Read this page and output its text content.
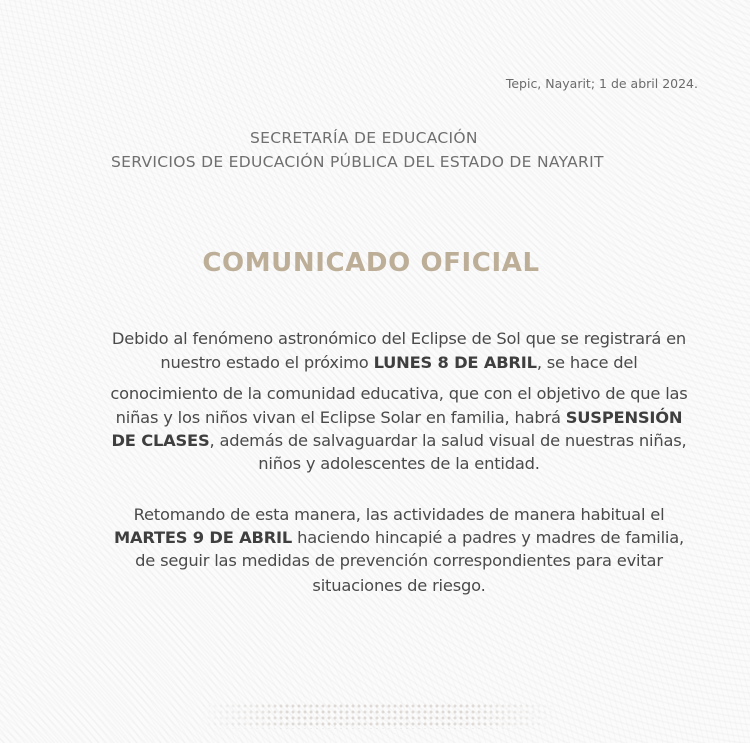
Tepic, Nayarit; 1 de abril 2024.
SECRETARÍA DE EDUCACIÓN
SERVICIOS DE EDUCACIÓN PÚBLICA DEL ESTADO DE NAYARIT
COMUNICADO OFICIAL
Debido al fenómeno astronómico del Eclipse de Sol que se registrará en
nuestro estado el próximo LUNES 8 DE ABRIL, se hace del
conocimiento de la comunidad educativa, que con el objetivo de que las
niñas y los niños vivan el Eclipse Solar en familia, habrá SUSPENSIÓN
DE CLASES, además de salvaguardar la salud visual de nuestras niñas,
niños y adolescentes de la entidad.
Retomando de esta manera, las actividades de manera habitual el
MARTES 9 DE ABRIL haciendo hincapié a padres y madres de familia,
de seguir las medidas de prevención correspondientes para evitar
situaciones de riesgo.
